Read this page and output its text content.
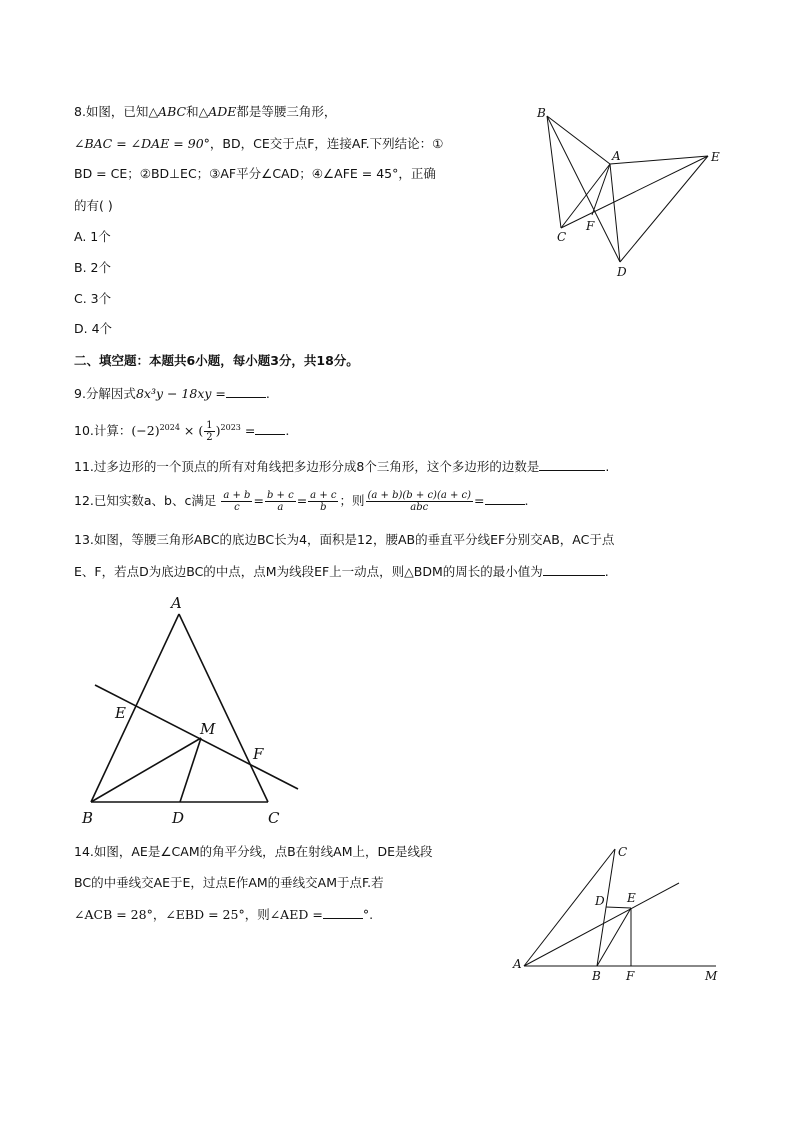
8.如图，已知△ABC和△ADE都是等腰三角形，
∠BAC = ∠DAE = 90°，BD，CE交于点F，连接AF.下列结论：①
BD = CE；②BD⊥EC；③AF平分∠CAD；④∠AFE = 45°，正确
的有( )
A. 1个
B. 2个
C. 3个
D. 4个
B
A	E
F
C
D
二、填空题：本题共6小题，每小题3分，共18分。
9.分解因式8x³y − 18xy =	.
10.计算：$(-2)^{2024}$ × ( $\frac{1}{2} )^{2023}$ = .
11.过多边形的一个顶点的所有对角线把多边形分成8个三角形，这个多边形的边数是	.
12.已知实数a、b、c满足 $\frac{a + b}{c} = \frac{b + c}{a} = \frac{a + c}{b}$ ；则 $\frac{(a + b)(b + c)(a + c)}{\text{abc}}$ =	.
13.如图，等腰三角形ABC的底边BC长为4，面积是12，腰AB的垂直平分线EF分别交AB，AC于点
E、F，若点D为底边BC的中点，点M为线段EF上一动点，则△BDM的周长的最小值为	.
A
E
M
F
B	D	C
14.如图，AE是∠CAM的角平分线，点B在射线AM上，DE是线段
BC的中垂线交AE于E，过点E作AM的垂线交AM于点F.若
∠ACB = 28°，∠EBD = 25°，则∠AED =	°.
C
D E
A
B F	M
